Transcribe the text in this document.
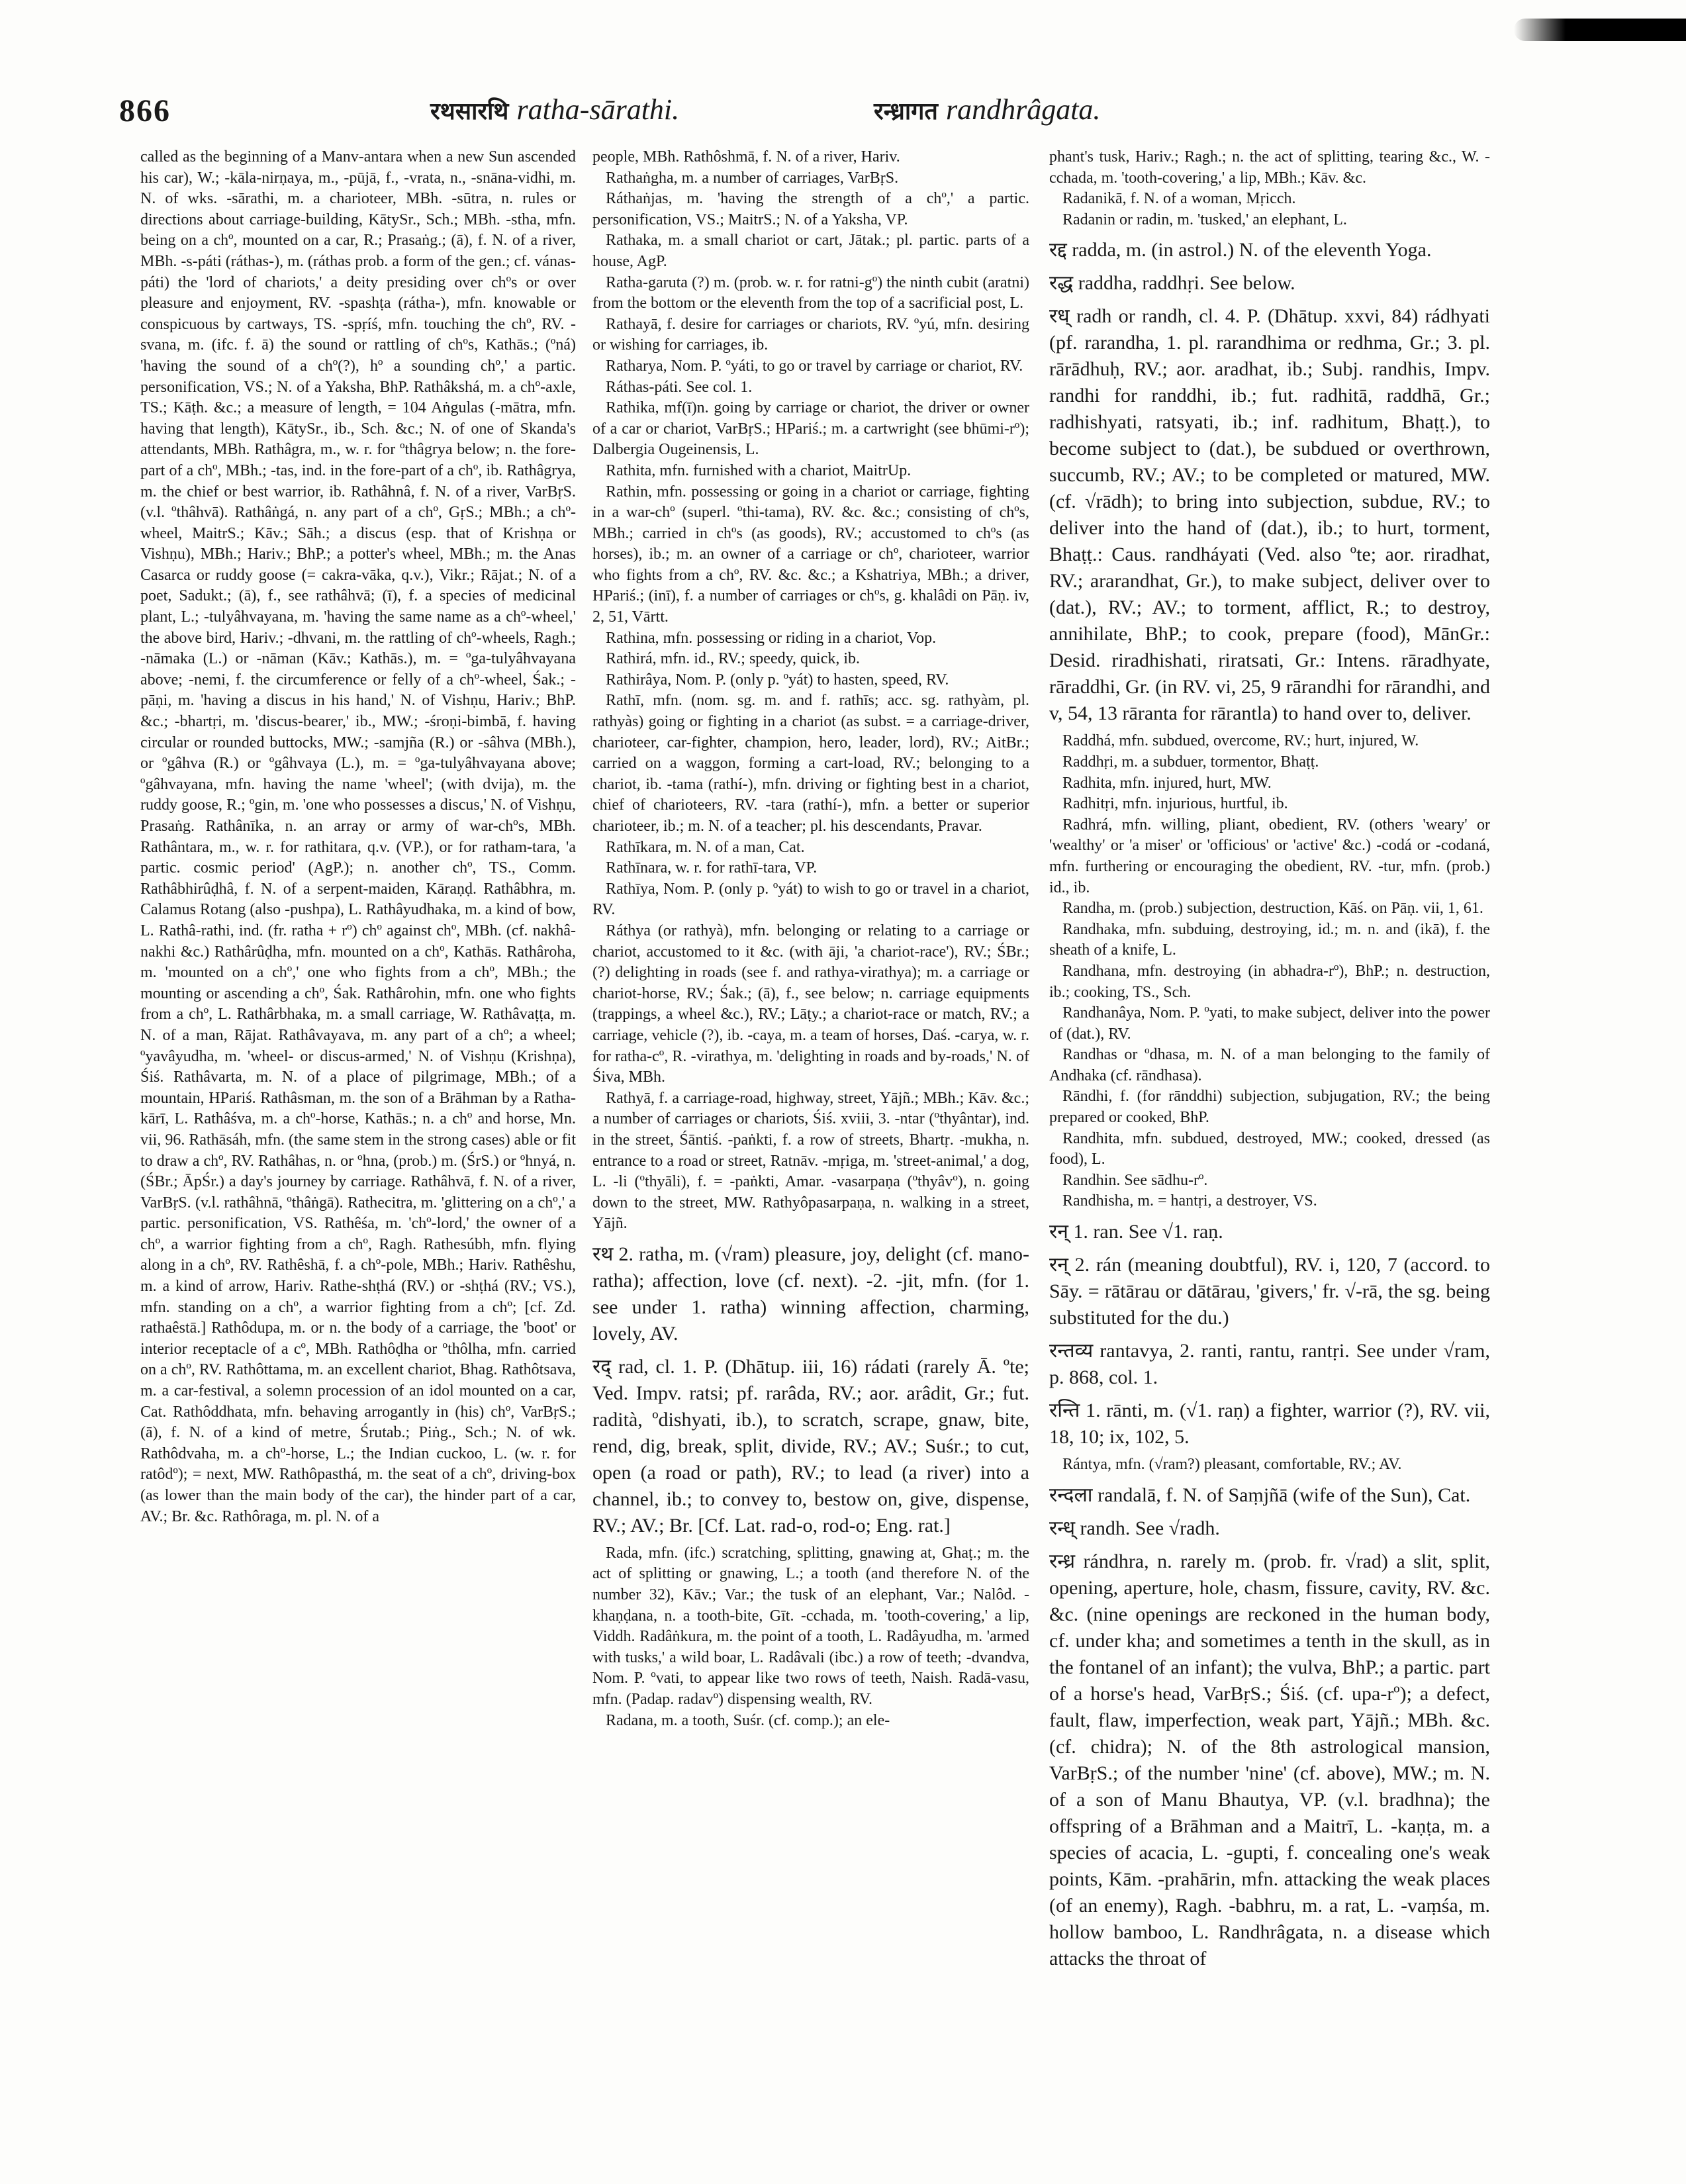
866	रथसारथि ratha-sārathi.	रन्ध्रागत randhrâgata.

called as the beginning of a Manv-antara when a new Sun ascended his car), W.; -kāla-nirṇaya, m., -pūjā, f., -vrata, n., -snāna-vidhi, m. N. of wks. -sārathi, m. a charioteer, MBh. -sūtra, n. rules or directions about carriage-building, KātySr., Sch.; MBh. -stha, mfn. being on a chº, mounted on a car, R.; Prasaṅg.; (ā), f. N. of a river, MBh. -s-páti (ráthas-), m. (ráthas prob. a form of the gen.; cf. vánas-páti) the 'lord of chariots,' a deity presiding over chºs or over pleasure and enjoyment, RV. -spashṭa (rátha-), mfn. knowable or conspicuous by cartways, TS. -spṛíś, mfn. touching the chº, RV. -svana, m. (ifc. f. ā) the sound or rattling of chºs, Kathās.; (ºná) 'having the sound of a chº(?), hº a sounding chº,' a partic. personification, VS.; N. of a Yaksha, BhP. Rathâkshá, m. a chº-axle, TS.; Kāṭh. &c.; a measure of length, = 104 Aṅgulas (-mātra, mfn. having that length), KātySr., ib., Sch. &c.; N. of one of Skanda's attendants, MBh. Rathâgra, m., w. r. for ºthâgrya below; n. the fore-part of a chº, MBh.; -tas, ind. in the fore-part of a chº, ib. Rathâgrya, m. the chief or best warrior, ib. Rathâhnâ, f. N. of a river, VarBṛS. (v.l. ºthâhvā). Rathâṅgá, n. any part of a chº, GṛS.; MBh.; a chº-wheel, MaitrS.; Kāv.; Sāh.; a discus (esp. that of Krishṇa or Vishṇu), MBh.; Hariv.; BhP.; a potter's wheel, MBh.; m. the Anas Casarca or ruddy goose (= cakra-vāka, q.v.), Vikr.; Rājat.; N. of a poet, Sadukt.; (ā), f., see rathâhvā; (ī), f. a species of medicinal plant, L.; -tulyâhvayana, m. 'having the same name as a chº-wheel,' the above bird, Hariv.; -dhvani, m. the rattling of chº-wheels, Ragh.; -nāmaka (L.) or -nāman (Kāv.; Kathās.), m. = ºga-tulyâhvayana above; -nemi, f. the circumference or felly of a chº-wheel, Śak.; -pāṇi, m. 'having a discus in his hand,' N. of Vishṇu, Hariv.; BhP. &c.; -bhartṛi, m. 'discus-bearer,' ib., MW.; -śroṇi-bimbā, f. having circular or rounded buttocks, MW.; -samjña (R.) or -sâhva (MBh.), or ºgâhva (R.) or ºgâhvaya (L.), m. = ºga-tulyâhvayana above; ºgâhvayana, mfn. having the name 'wheel'; (with dvija), m. the ruddy goose, R.; ºgin, m. 'one who possesses a discus,' N. of Vishṇu, Prasaṅg. Rathânīka, n. an array or army of war-chºs, MBh. Rathântara, m., w. r. for rathitara, q.v. (VP.), or for ratham-tara, 'a partic. cosmic period' (AgP.); n. another chº, TS., Comm. Rathâbhirûḍhâ, f. N. of a serpent-maiden, Kāraṇḍ. Rathâbhra, m. Calamus Rotang (also -pushpa), L. Rathâyudhaka, m. a kind of bow, L. Rathâ-rathi, ind. (fr. ratha + rº) chº against chº, MBh. (cf. nakhâ-nakhi &c.) Rathârûḍha, mfn. mounted on a chº, Kathās. Rathâroha, m. 'mounted on a chº,' one who fights from a chº, MBh.; the mounting or ascending a chº, Śak. Rathârohin, mfn. one who fights from a chº, L. Rathârbhaka, m. a small carriage, W. Rathâvaṭṭa, m. N. of a man, Rājat. Rathâvayava, m. any part of a chº; a wheel; ºyavâyudha, m. 'wheel- or discus-armed,' N. of Vishṇu (Krishṇa), Śiś. Rathâvarta, m. N. of a place of pilgrimage, MBh.; of a mountain, HPariś. Rathâsman, m. the son of a Brāhman by a Ratha-kārī, L. Rathâśva, m. a chº-horse, Kathās.; n. a chº and horse, Mn. vii, 96. Rathāsáh, mfn. (the same stem in the strong cases) able or fit to draw a chº, RV. Rathâhas, n. or ºhna, (prob.) m. (ŚrS.) or ºhnyá, n. (ŚBr.; ĀpŚr.) a day's journey by carriage. Rathâhvā, f. N. of a river, VarBṛS. (v.l. rathâhnā, ºthâṅgā). Rathecitra, m. 'glittering on a chº,' a partic. personification, VS. Rathêśa, m. 'chº-lord,' the owner of a chº, a warrior fighting from a chº, Ragh. Rathesúbh, mfn. flying along in a chº, RV. Rathêshā, f. a chº-pole, MBh.; Hariv. Rathêshu, m. a kind of arrow, Hariv. Rathe-shṭhá (RV.) or -shṭhá (RV.; VS.), mfn. standing on a chº, a warrior fighting from a chº; [cf. Zd. rathaêstā.] Rathôdupa, m. or n. the body of a carriage, the 'boot' or interior receptacle of a cº, MBh. Rathôḍha or ºthôlha, mfn. carried on a chº, RV. Rathôttama, m. an excellent chariot, Bhag. Rathôtsava, m. a car-festival, a solemn procession of an idol mounted on a car, Cat. Rathôddhata, mfn. behaving arrogantly in (his) chº, VarBṛS.; (ā), f. N. of a kind of metre, Śrutab.; Piṅg., Sch.; N. of wk. Rathôdvaha, m. a chº-horse, L.; the Indian cuckoo, L. (w. r. for ratôdº); = next, MW. Rathôpasthá, m. the seat of a chº, driving-box (as lower than the main body of the car), the hinder part of a car, AV.; Br. &c. Rathôraga, m. pl. N. of a

people, MBh. Rathôshmā, f. N. of a river, Hariv.

Rathaṅgha, m. a number of carriages, VarBṛS.

Ráthaṅjas, m. 'having the strength of a chº,' a partic. personification, VS.; MaitrS.; N. of a Yaksha, VP.

Rathaka, m. a small chariot or cart, Jātak.; pl. partic. parts of a house, AgP.

Ratha-garuta (?) m. (prob. w. r. for ratni-gº) the ninth cubit (aratni) from the bottom or the eleventh from the top of a sacrificial post, L.

Rathayā, f. desire for carriages or chariots, RV. ºyú, mfn. desiring or wishing for carriages, ib.

Ratharya, Nom. P. ºyáti, to go or travel by carriage or chariot, RV.

Ráthas-páti. See col. 1.

Rathika, mf(ī)n. going by carriage or chariot, the driver or owner of a car or chariot, VarBṛS.; HPariś.; m. a cartwright (see bhūmi-rº); Dalbergia Ougeinensis, L.

Rathita, mfn. furnished with a chariot, MaitrUp.

Rathin, mfn. possessing or going in a chariot or carriage, fighting in a war-chº (superl. ºthi-tama), RV. &c. &c.; consisting of chºs, MBh.; carried in chºs (as goods), RV.; accustomed to chºs (as horses), ib.; m. an owner of a carriage or chº, charioteer, warrior who fights from a chº, RV. &c. &c.; a Kshatriya, MBh.; a driver, HPariś.; (inī), f. a number of carriages or chºs, g. khalâdi on Pāṇ. iv, 2, 51, Vārtt.

Rathina, mfn. possessing or riding in a chariot, Vop.

Rathirá, mfn. id., RV.; speedy, quick, ib.

Rathirâya, Nom. P. (only p. ºyát) to hasten, speed, RV.

Rathī, mfn. (nom. sg. m. and f. rathīs; acc. sg. rathyàm, pl. rathyàs) going or fighting in a chariot (as subst. = a carriage-driver, charioteer, car-fighter, champion, hero, leader, lord), RV.; AitBr.; carried on a waggon, forming a cart-load, RV.; belonging to a chariot, ib. -tama (rathí-), mfn. driving or fighting best in a chariot, chief of charioteers, RV. -tara (rathí-), mfn. a better or superior charioteer, ib.; m. N. of a teacher; pl. his descendants, Pravar.

Rathīkara, m. N. of a man, Cat.

Rathīnara, w. r. for rathī-tara, VP.

Rathīya, Nom. P. (only p. ºyát) to wish to go or travel in a chariot, RV.

Ráthya (or rathyà), mfn. belonging or relating to a carriage or chariot, accustomed to it &c. (with āji, 'a chariot-race'), RV.; ŚBr.; (?) delighting in roads (see f. and rathya-virathya); m. a carriage or chariot-horse, RV.; Śak.; (ā), f., see below; n. carriage equipments (trappings, a wheel &c.), RV.; Lāṭy.; a chariot-race or match, RV.; a carriage, vehicle (?), ib. -caya, m. a team of horses, Daś. -carya, w. r. for ratha-cº, R. -virathya, m. 'delighting in roads and by-roads,' N. of Śiva, MBh.

Rathyā, f. a carriage-road, highway, street, Yājñ.; MBh.; Kāv. &c.; a number of carriages or chariots, Śiś. xviii, 3. -ntar (ºthyântar), ind. in the street, Śāntiś. -paṅkti, f. a row of streets, Bhartṛ. -mukha, n. entrance to a road or street, Ratnāv. -mṛiga, m. 'street-animal,' a dog, L. -li (ºthyāli), f. = -paṅkti, Amar. -vasarpaṇa (ºthyâvº), n. going down to the street, MW. Rathyôpasarpaṇa, n. walking in a street, Yājñ.

रथ 2. ratha, m. (√ram) pleasure, joy, delight (cf. mano-ratha); affection, love (cf. next). -2. -jit, mfn. (for 1. see under 1. ratha) winning affection, charming, lovely, AV.

रद् rad, cl. 1. P. (Dhātup. iii, 16) rádati (rarely Ā. ºte; Ved. Impv. ratsi; pf. rarâda, RV.; aor. arâdit, Gr.; fut. radità, ºdishyati, ib.), to scratch, scrape, gnaw, bite, rend, dig, break, split, divide, RV.; AV.; Suśr.; to cut, open (a road or path), RV.; to lead (a river) into a channel, ib.; to convey to, bestow on, give, dispense, RV.; AV.; Br. [Cf. Lat. rad-o, rod-o; Eng. rat.]

Rada, mfn. (ifc.) scratching, splitting, gnawing at, Ghaṭ.; m. the act of splitting or gnawing, L.; a tooth (and therefore N. of the number 32), Kāv.; Var.; the tusk of an elephant, Var.; Nalôd. -khaṇḍana, n. a tooth-bite, Gīt. -cchada, m. 'tooth-covering,' a lip, Viddh. Radâṅkura, m. the point of a tooth, L. Radâyudha, m. 'armed with tusks,' a wild boar, L. Radâvali (ibc.) a row of teeth; -dvandva, Nom. P. ºvati, to appear like two rows of teeth, Naish. Radā-vasu, mfn. (Padap. radavº) dispensing wealth, RV.

Radana, m. a tooth, Suśr. (cf. comp.); an ele-

phant's tusk, Hariv.; Ragh.; n. the act of splitting, tearing &c., W. -cchada, m. 'tooth-covering,' a lip, MBh.; Kāv. &c.

Radanikā, f. N. of a woman, Mṛicch.

Radanin or radin, m. 'tusked,' an elephant, L.

रद्द radda, m. (in astrol.) N. of the eleventh Yoga.

रद्ध raddha, raddhṛi. See below.

रध् radh or randh, cl. 4. P. (Dhātup. xxvi, 84) rádhyati (pf. rarandha, 1. pl. rarandhima or redhma, Gr.; 3. pl. rārādhuḥ, RV.; aor. aradhat, ib.; Subj. randhis, Impv. randhi for randdhi, ib.; fut. radhitā, raddhā, Gr.; radhishyati, ratsyati, ib.; inf. radhitum, Bhaṭṭ.), to become subject to (dat.), be subdued or overthrown, succumb, RV.; AV.; to be completed or matured, MW. (cf. √rādh); to bring into subjection, subdue, RV.; to deliver into the hand of (dat.), ib.; to hurt, torment, Bhaṭṭ.: Caus. randháyati (Ved. also ºte; aor. riradhat, RV.; ararandhat, Gr.), to make subject, deliver over to (dat.), RV.; AV.; to torment, afflict, R.; to destroy, annihilate, BhP.; to cook, prepare (food), MānGr.: Desid. riradhishati, riratsati, Gr.: Intens. rāradhyate, rāraddhi, Gr. (in RV. vi, 25, 9 rārandhi for rārandhi, and v, 54, 13 rāranta for rārantla) to hand over to, deliver.

Raddhá, mfn. subdued, overcome, RV.; hurt, injured, W.

Raddhṛi, m. a subduer, tormentor, Bhaṭṭ.

Radhita, mfn. injured, hurt, MW.

Radhitṛi, mfn. injurious, hurtful, ib.

Radhrá, mfn. willing, pliant, obedient, RV. (others 'weary' or 'wealthy' or 'a miser' or 'officious' or 'active' &c.) -codá or -codaná, mfn. furthering or encouraging the obedient, RV. -tur, mfn. (prob.) id., ib.

Randha, m. (prob.) subjection, destruction, Kāś. on Pāṇ. vii, 1, 61.

Randhaka, mfn. subduing, destroying, id.; m. n. and (ikā), f. the sheath of a knife, L.

Randhana, mfn. destroying (in abhadra-rº), BhP.; n. destruction, ib.; cooking, TS., Sch.

Randhanâya, Nom. P. ºyati, to make subject, deliver into the power of (dat.), RV.

Randhas or ºdhasa, m. N. of a man belonging to the family of Andhaka (cf. rāndhasa).

Rāndhi, f. (for rānddhi) subjection, subjugation, RV.; the being prepared or cooked, BhP.

Randhita, mfn. subdued, destroyed, MW.; cooked, dressed (as food), L.

Randhin. See sādhu-rº.

Randhisha, m. = hantṛi, a destroyer, VS.

रन् 1. ran. See √1. raṇ.

रन् 2. rán (meaning doubtful), RV. i, 120, 7 (accord. to Sāy. = rātārau or dātārau, 'givers,' fr. √-rā, the sg. being substituted for the du.)

रन्तव्य rantavya, 2. ranti, rantu, rantṛi. See under √ram, p. 868, col. 1.

रन्ति 1. rānti, m. (√1. raṇ) a fighter, warrior (?), RV. vii, 18, 10; ix, 102, 5.

Rántya, mfn. (√ram?) pleasant, comfortable, RV.; AV.

रन्दला randalā, f. N. of Saṃjñā (wife of the Sun), Cat.

रन्ध् randh. See √radh.

रन्ध्र rándhra, n. rarely m. (prob. fr. √rad) a slit, split, opening, aperture, hole, chasm, fissure, cavity, RV. &c. &c. (nine openings are reckoned in the human body, cf. under kha; and sometimes a tenth in the skull, as in the fontanel of an infant); the vulva, BhP.; a partic. part of a horse's head, VarBṛS.; Śiś. (cf. upa-rº); a defect, fault, flaw, imperfection, weak part, Yājñ.; MBh. &c. (cf. chidra); N. of the 8th astrological mansion, VarBṛS.; of the number 'nine' (cf. above), MW.; m. N. of a son of Manu Bhautya, VP. (v.l. bradhna); the offspring of a Brāhman and a Maitrī, L. -kaṇṭa, m. a species of acacia, L. -gupti, f. concealing one's weak points, Kām. -prahārin, mfn. attacking the weak places (of an enemy), Ragh. -babhru, m. a rat, L. -vaṃśa, m. hollow bamboo, L. Randhrâgata, n. a disease which attacks the throat of
